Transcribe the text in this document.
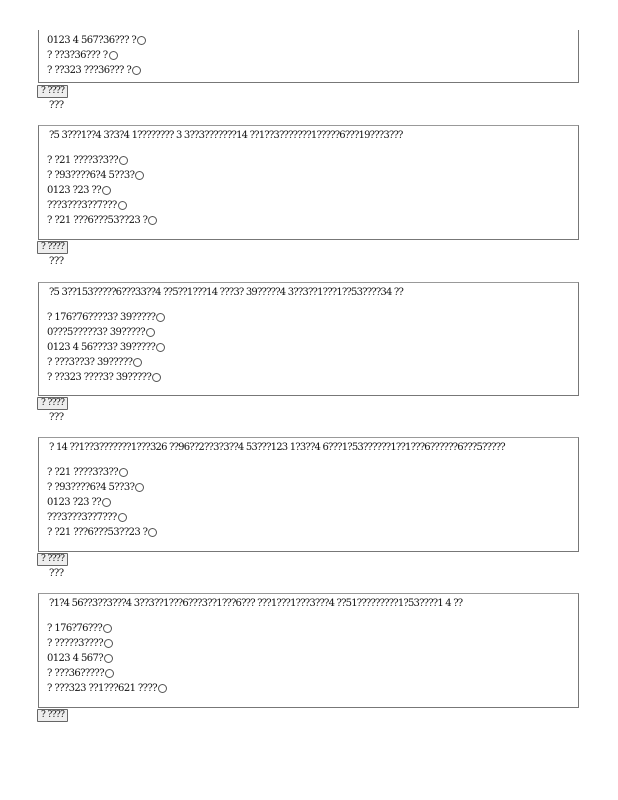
0123 4 567?36??? ?
? ??3?36??? ?
? ??323 ???36??? ?
? ????
???
?5 3???1??4 3?3?4 1???????? 3 3??3???????14 ??1??3???????1?????6???19???3???
? ?21 ????3?3??
? ?93????6?4 5??3?
0123 ?23 ??
???3???3??7???
? ?21 ???6???53??23 ?
? ????
???
?5 3??153?????6???33??4 ??5??1???14 ???3? 39?????4 3??3??1???1??53????34 ??
? 176?76????3? 39?????
0???5?????3? 39?????
0123 4 56???3? 39?????
? ???3??3? 39?????
? ??323 ????3? 39?????
? ????
???
? 14 ??1??3???????1???326 ??96??2??3?3??4 53???123 1?3??4 6???1?53??????1??1???6??????6???5?????
? ?21 ????3?3??
? ?93????6?4 5??3?
0123 ?23 ??
???3???3??7???
? ?21 ???6???53??23 ?
? ????
???
?1?4 56??3??3???4 3??3??1???6???3??1???6??? ???1???1???3???4 ??51?????????1?53????1 4 ??
? 176?76???
? ?????3????
0123 4 567?
? ???36?????
? ???323 ??1???621 ????
? ????
